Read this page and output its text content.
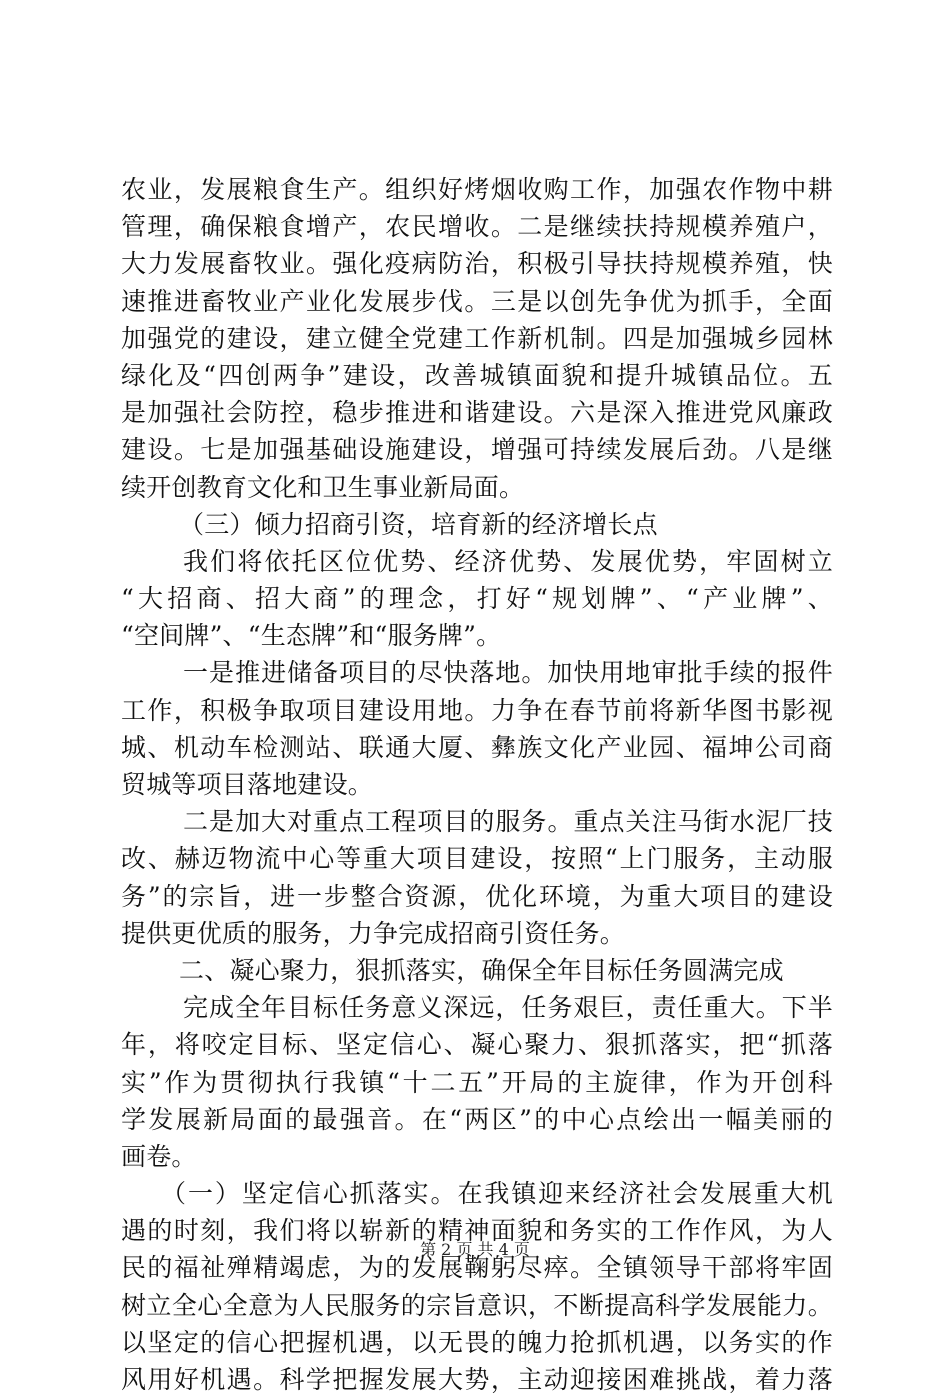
农业，发展粮食生产。组织好烤烟收购工作，加强农作物中耕
管理，确保粮食增产，农民增收。二是继续扶持规模养殖户，
大力发展畜牧业。强化疫病防治，积极引导扶持规模养殖，快
速推进畜牧业产业化发展步伐。三是以创先争优为抓手，全面
加强党的建设，建立健全党建工作新机制。四是加强城乡园林
绿化及“四创两争”建设，改善城镇面貌和提升城镇品位。五
是加强社会防控，稳步推进和谐建设。六是深入推进党风廉政
建设。七是加强基础设施建设，增强可持续发展后劲。八是继
续开创教育文化和卫生事业新局面。
（三）倾力招商引资，培育新的经济增长点
我们将依托区位优势、经济优势、发展优势，牢固树立
“大招商、招大商”的理念，打好“规划牌”、“产业牌”、
“空间牌”、“生态牌”和“服务牌”。
一是推进储备项目的尽快落地。加快用地审批手续的报件
工作，积极争取项目建设用地。力争在春节前将新华图书影视
城、机动车检测站、联通大厦、彝族文化产业园、福坤公司商
贸城等项目落地建设。
二是加大对重点工程项目的服务。重点关注马街水泥厂技
改、赫迈物流中心等重大项目建设，按照“上门服务，主动服
务”的宗旨，进一步整合资源，优化环境，为重大项目的建设
提供更优质的服务，力争完成招商引资任务。
二、凝心聚力，狠抓落实，确保全年目标任务圆满完成
完成全年目标任务意义深远，任务艰巨，责任重大。下半
年，将咬定目标、坚定信心、凝心聚力、狠抓落实，把“抓落
实”作为贯彻执行我镇“十二五”开局的主旋律，作为开创科
学发展新局面的最强音。在“两区”的中心点绘出一幅美丽的
画卷。
（一）坚定信心抓落实。在我镇迎来经济社会发展重大机
遇的时刻，我们将以崭新的精神面貌和务实的工作作风，为人
民的福祉殚精竭虑，为的发展鞠躬尽瘁。全镇领导干部将牢固
树立全心全意为人民服务的宗旨意识，不断提高科学发展能力。
以坚定的信心把握机遇，以无畏的魄力抢抓机遇，以务实的作
风用好机遇。科学把握发展大势，主动迎接困难挑战，着力落
第 2 页 共 4 页
